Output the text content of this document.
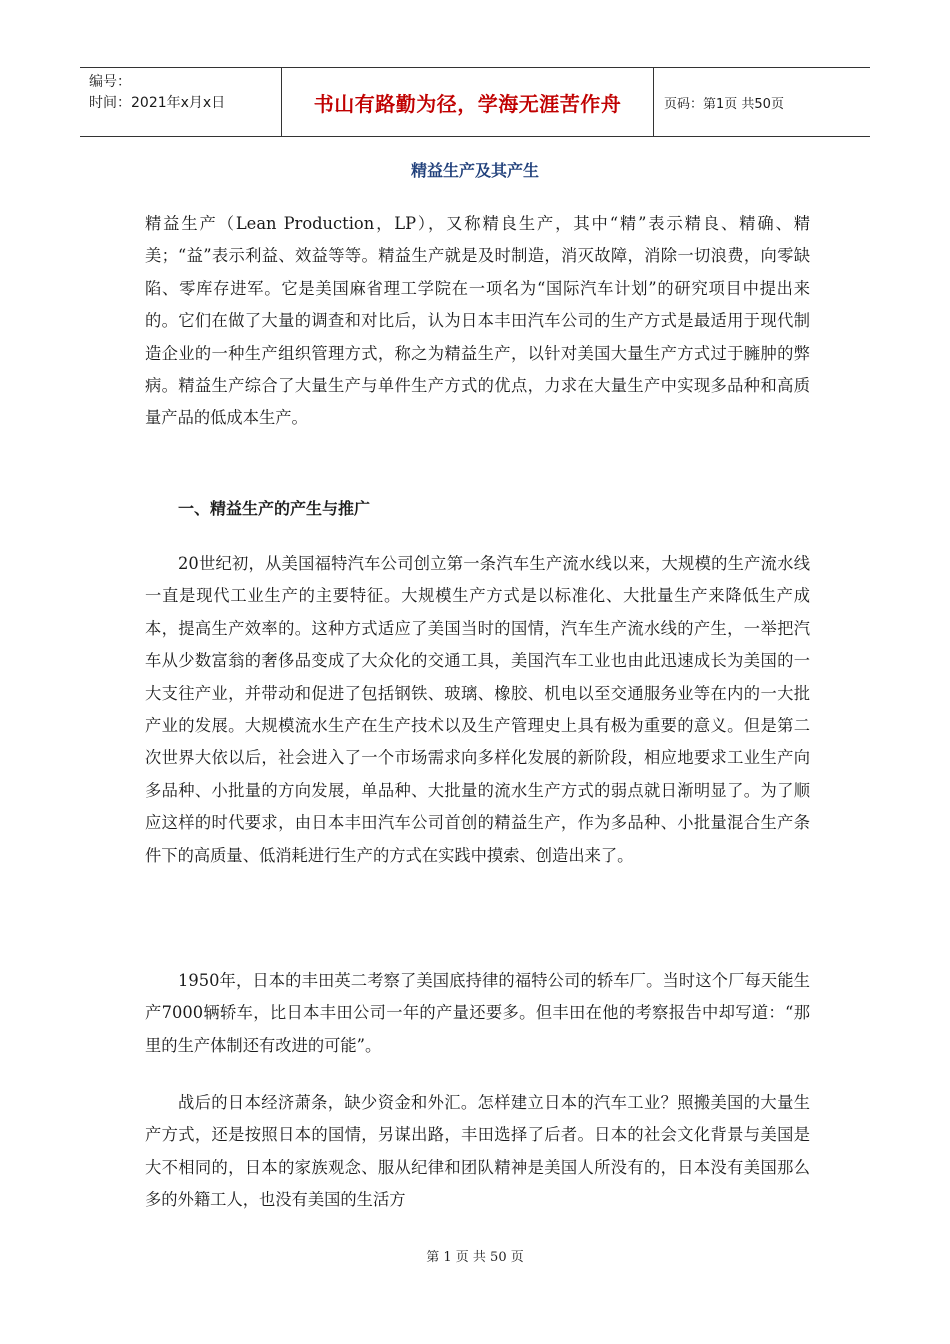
编号：
时间：2021年x月x日	书山有路勤为径，学海无涯苦作舟	页码：第1页 共50页
精益生产及其产生

精益生产（Lean Production，LP），又称精良生产，其中“精”表示精良、精确、精美；“益”表示利益、效益等等。精益生产就是及时制造，消灭故障，消除一切浪费，向零缺陷、零库存进军。它是美国麻省理工学院在一项名为“国际汽车计划”的研究项目中提出来的。它们在做了大量的调查和对比后，认为日本丰田汽车公司的生产方式是最适用于现代制造企业的一种生产组织管理方式，称之为精益生产，以针对美国大量生产方式过于臃肿的弊病。精益生产综合了大量生产与单件生产方式的优点，力求在大量生产中实现多品种和高质量产品的低成本生产。

一、精益生产的产生与推广

20世纪初，从美国福特汽车公司创立第一条汽车生产流水线以来，大规模的生产流水线一直是现代工业生产的主要特征。大规模生产方式是以标准化、大批量生产来降低生产成本，提高生产效率的。这种方式适应了美国当时的国情，汽车生产流水线的产生，一举把汽车从少数富翁的奢侈品变成了大众化的交通工具，美国汽车工业也由此迅速成长为美国的一大支往产业，并带动和促进了包括钢铁、玻璃、橡胶、机电以至交通服务业等在内的一大批产业的发展。大规模流水生产在生产技术以及生产管理史上具有极为重要的意义。但是第二次世界大依以后，社会进入了一个市场需求向多样化发展的新阶段，相应地要求工业生产向多品种、小批量的方向发展，单品种、大批量的流水生产方式的弱点就日渐明显了。为了顺应这样的时代要求，由日本丰田汽车公司首创的精益生产，作为多品种、小批量混合生产条件下的高质量、低消耗进行生产的方式在实践中摸索、创造出来了。

1950年，日本的丰田英二考察了美国底持律的福特公司的轿车厂。当时这个厂每天能生产7000辆轿车，比日本丰田公司一年的产量还要多。但丰田在他的考察报告中却写道：“那里的生产体制还有改进的可能”。

战后的日本经济萧条，缺少资金和外汇。怎样建立日本的汽车工业？照搬美国的大量生产方式，还是按照日本的国情，另谋出路，丰田选择了后者。日本的社会文化背景与美国是大不相同的，日本的家族观念、服从纪律和团队精神是美国人所没有的，日本没有美国那么多的外籍工人，也没有美国的生活方

第 1 页 共 50 页
